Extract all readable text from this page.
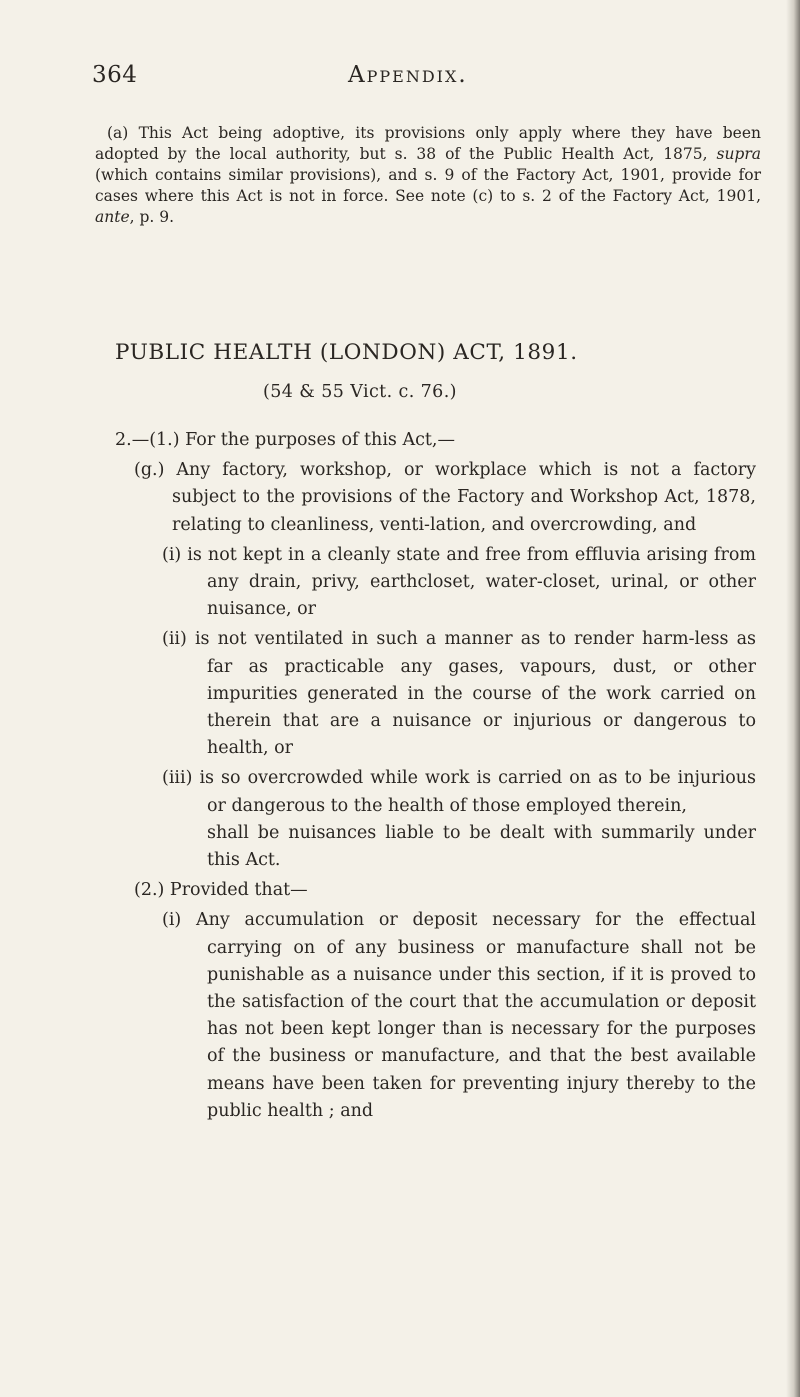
364	Appendix.
(a) This Act being adoptive, its provisions only apply where they have been adopted by the local authority, but s. 38 of the Public Health Act, 1875, supra (which contains similar provisions), and s. 9 of the Factory Act, 1901, provide for cases where this Act is not in force. See note (c) to s. 2 of the Factory Act, 1901, ante, p. 9.
PUBLIC HEALTH (LONDON) ACT, 1891.
(54 & 55 Vict. c. 76.)
2.—(1.) For the purposes of this Act,—
(g.) Any factory, workshop, or workplace which is not a factory subject to the provisions of the Factory and Workshop Act, 1878, relating to cleanliness, venti-lation, and overcrowding, and
(i) is not kept in a cleanly state and free from effluvia arising from any drain, privy, earthcloset, water-closet, urinal, or other nuisance, or
(ii) is not ventilated in such a manner as to render harm-less as far as practicable any gases, vapours, dust, or other impurities generated in the course of the work carried on therein that are a nuisance or injurious or dangerous to health, or
(iii) is so overcrowded while work is carried on as to be injurious or dangerous to the health of those employed therein,
shall be nuisances liable to be dealt with summarily under this Act.
(2.) Provided that—
(i) Any accumulation or deposit necessary for the effectual carrying on of any business or manufacture shall not be punishable as a nuisance under this section, if it is proved to the satisfaction of the court that the accumulation or deposit has not been kept longer than is necessary for the purposes of the business or manufacture, and that the best available means have been taken for preventing injury thereby to the public health ; and
